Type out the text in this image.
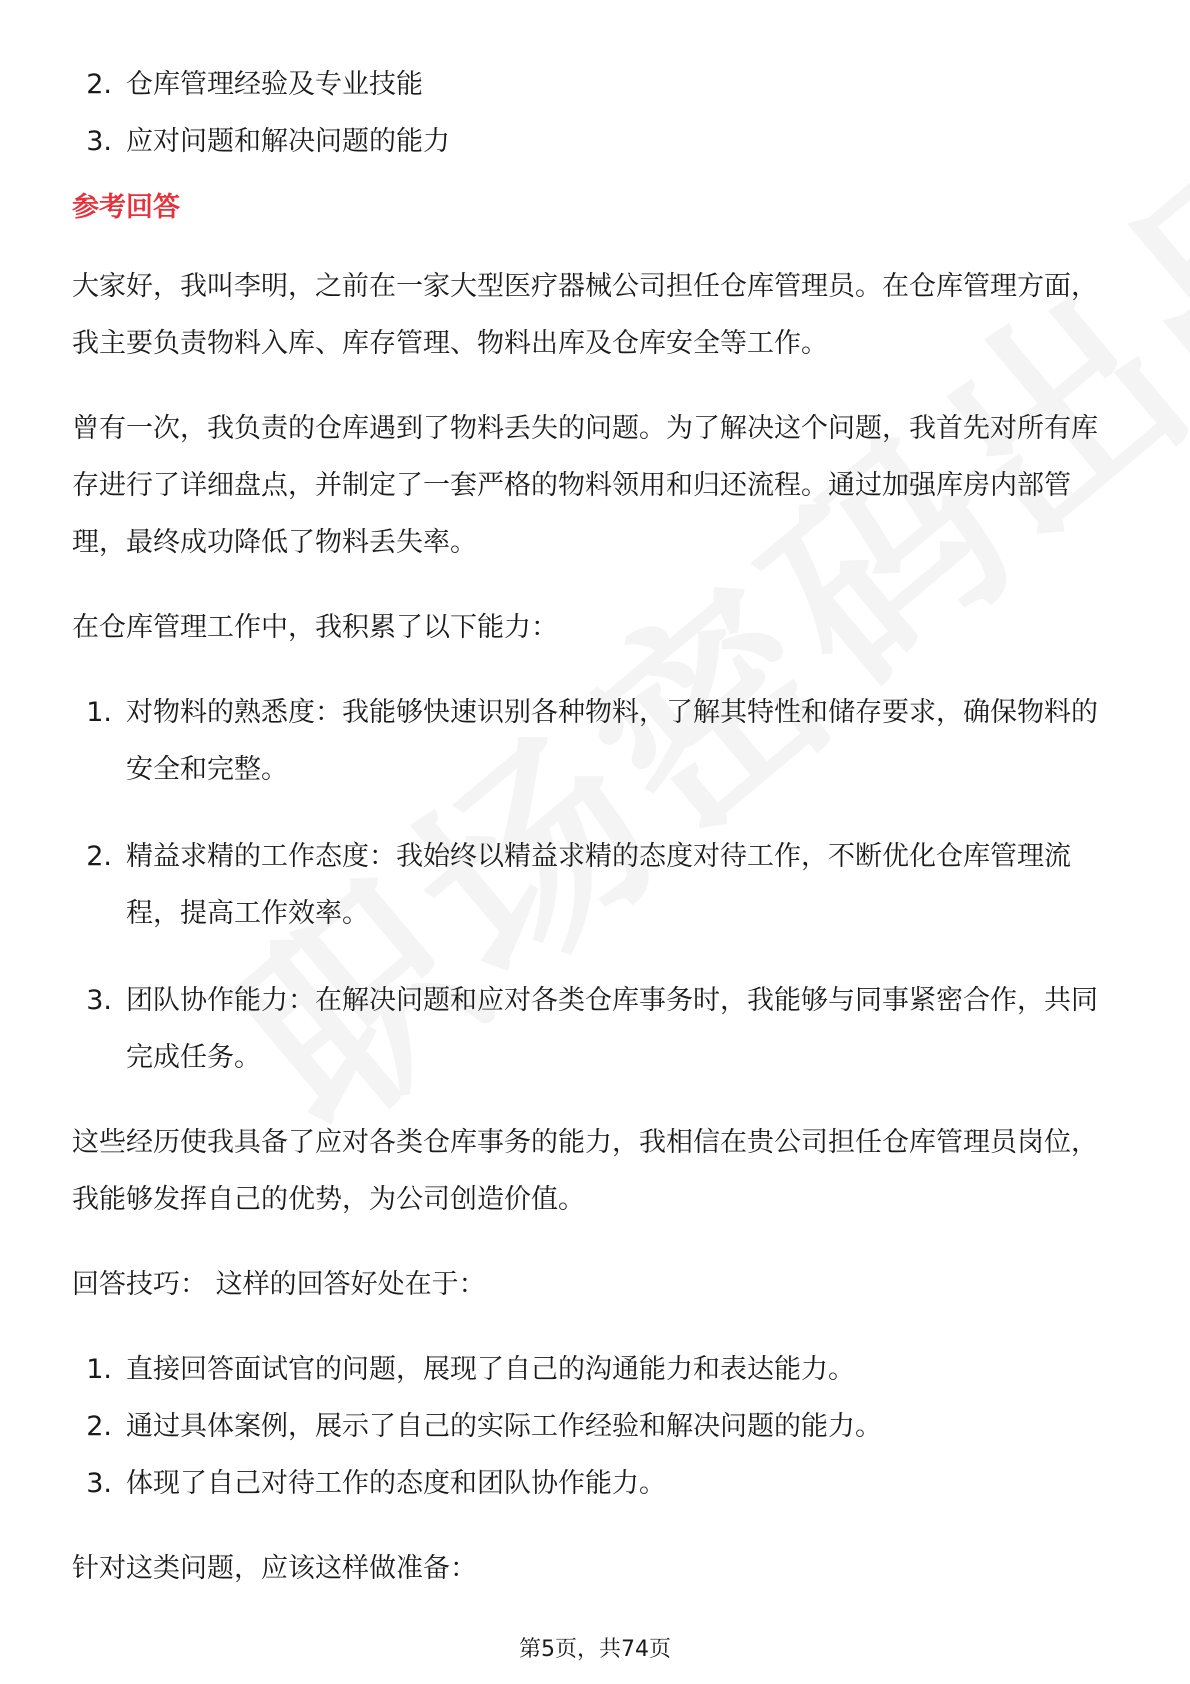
2. 仓库管理经验及专业技能
3. 应对问题和解决问题的能力
参考回答

大家好，我叫李明，之前在一家大型医疗器械公司担任仓库管理员。在仓库管理方面，我主要负责物料入库、库存管理、物料出库及仓库安全等工作。

曾有一次，我负责的仓库遇到了物料丢失的问题。为了解决这个问题，我首先对所有库存进行了详细盘点，并制定了一套严格的物料领用和归还流程。通过加强库房内部管理，最终成功降低了物料丢失率。

在仓库管理工作中，我积累了以下能力：

1. 对物料的熟悉度：我能够快速识别各种物料，了解其特性和储存要求，确保物料的安全和完整。
2. 精益求精的工作态度：我始终以精益求精的态度对待工作，不断优化仓库管理流程，提高工作效率。
3. 团队协作能力：在解决问题和应对各类仓库事务时，我能够与同事紧密合作，共同完成任务。

这些经历使我具备了应对各类仓库事务的能力，我相信在贵公司担任仓库管理员岗位，我能够发挥自己的优势，为公司创造价值。

回答技巧： 这样的回答好处在于：

1. 直接回答面试官的问题，展现了自己的沟通能力和表达能力。
2. 通过具体案例，展示了自己的实际工作经验和解决问题的能力。
3. 体现了自己对待工作的态度和团队协作能力。

针对这类问题，应该这样做准备：

第5页，共74页
